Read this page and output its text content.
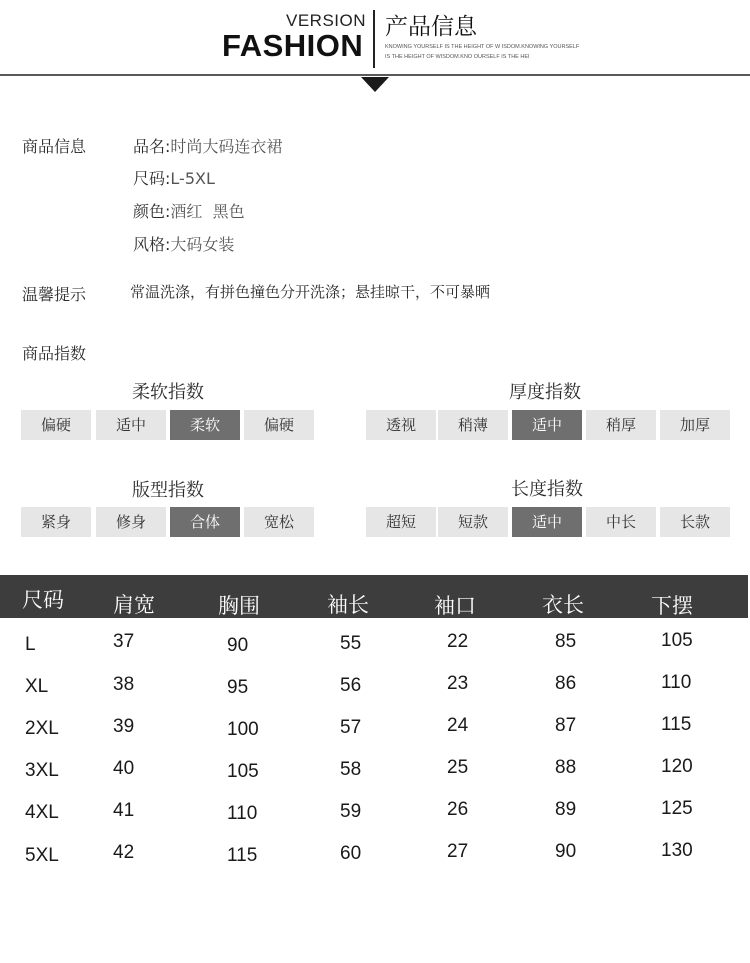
VERSION
FASHION
产品信息
KNOWING YOURSELF IS THE HEIGHT OF W ISDOM.KNOWING YOURSELF IS THE HEIGHT OF WISDOM.KNO OURSELF IS THE HEI
商品信息	品名:时尚大码连衣裙
尺码:L-5XL
颜色:酒红  黑色
风格:大码女装
温馨提示	常温洗涤，有拼色撞色分开洗涤；悬挂晾干，不可暴晒
商品指数
柔软指数
偏硬	适中	柔软	偏硬
厚度指数
透视	稍薄	适中	稍厚	加厚
版型指数
紧身	修身	合体	宽松
长度指数
超短	短款	适中	中长	长款
尺码 肩宽	胸围	袖长	袖口	衣长	下摆
L	37	90	55	22	85	105
XL	38	95	56	23	86	110
2XL	39	100	57	24	87	115
3XL	40	105	58	25	88	120
4XL	41	110	59	26	89	125
5XL	42	115	60	27	90	130
